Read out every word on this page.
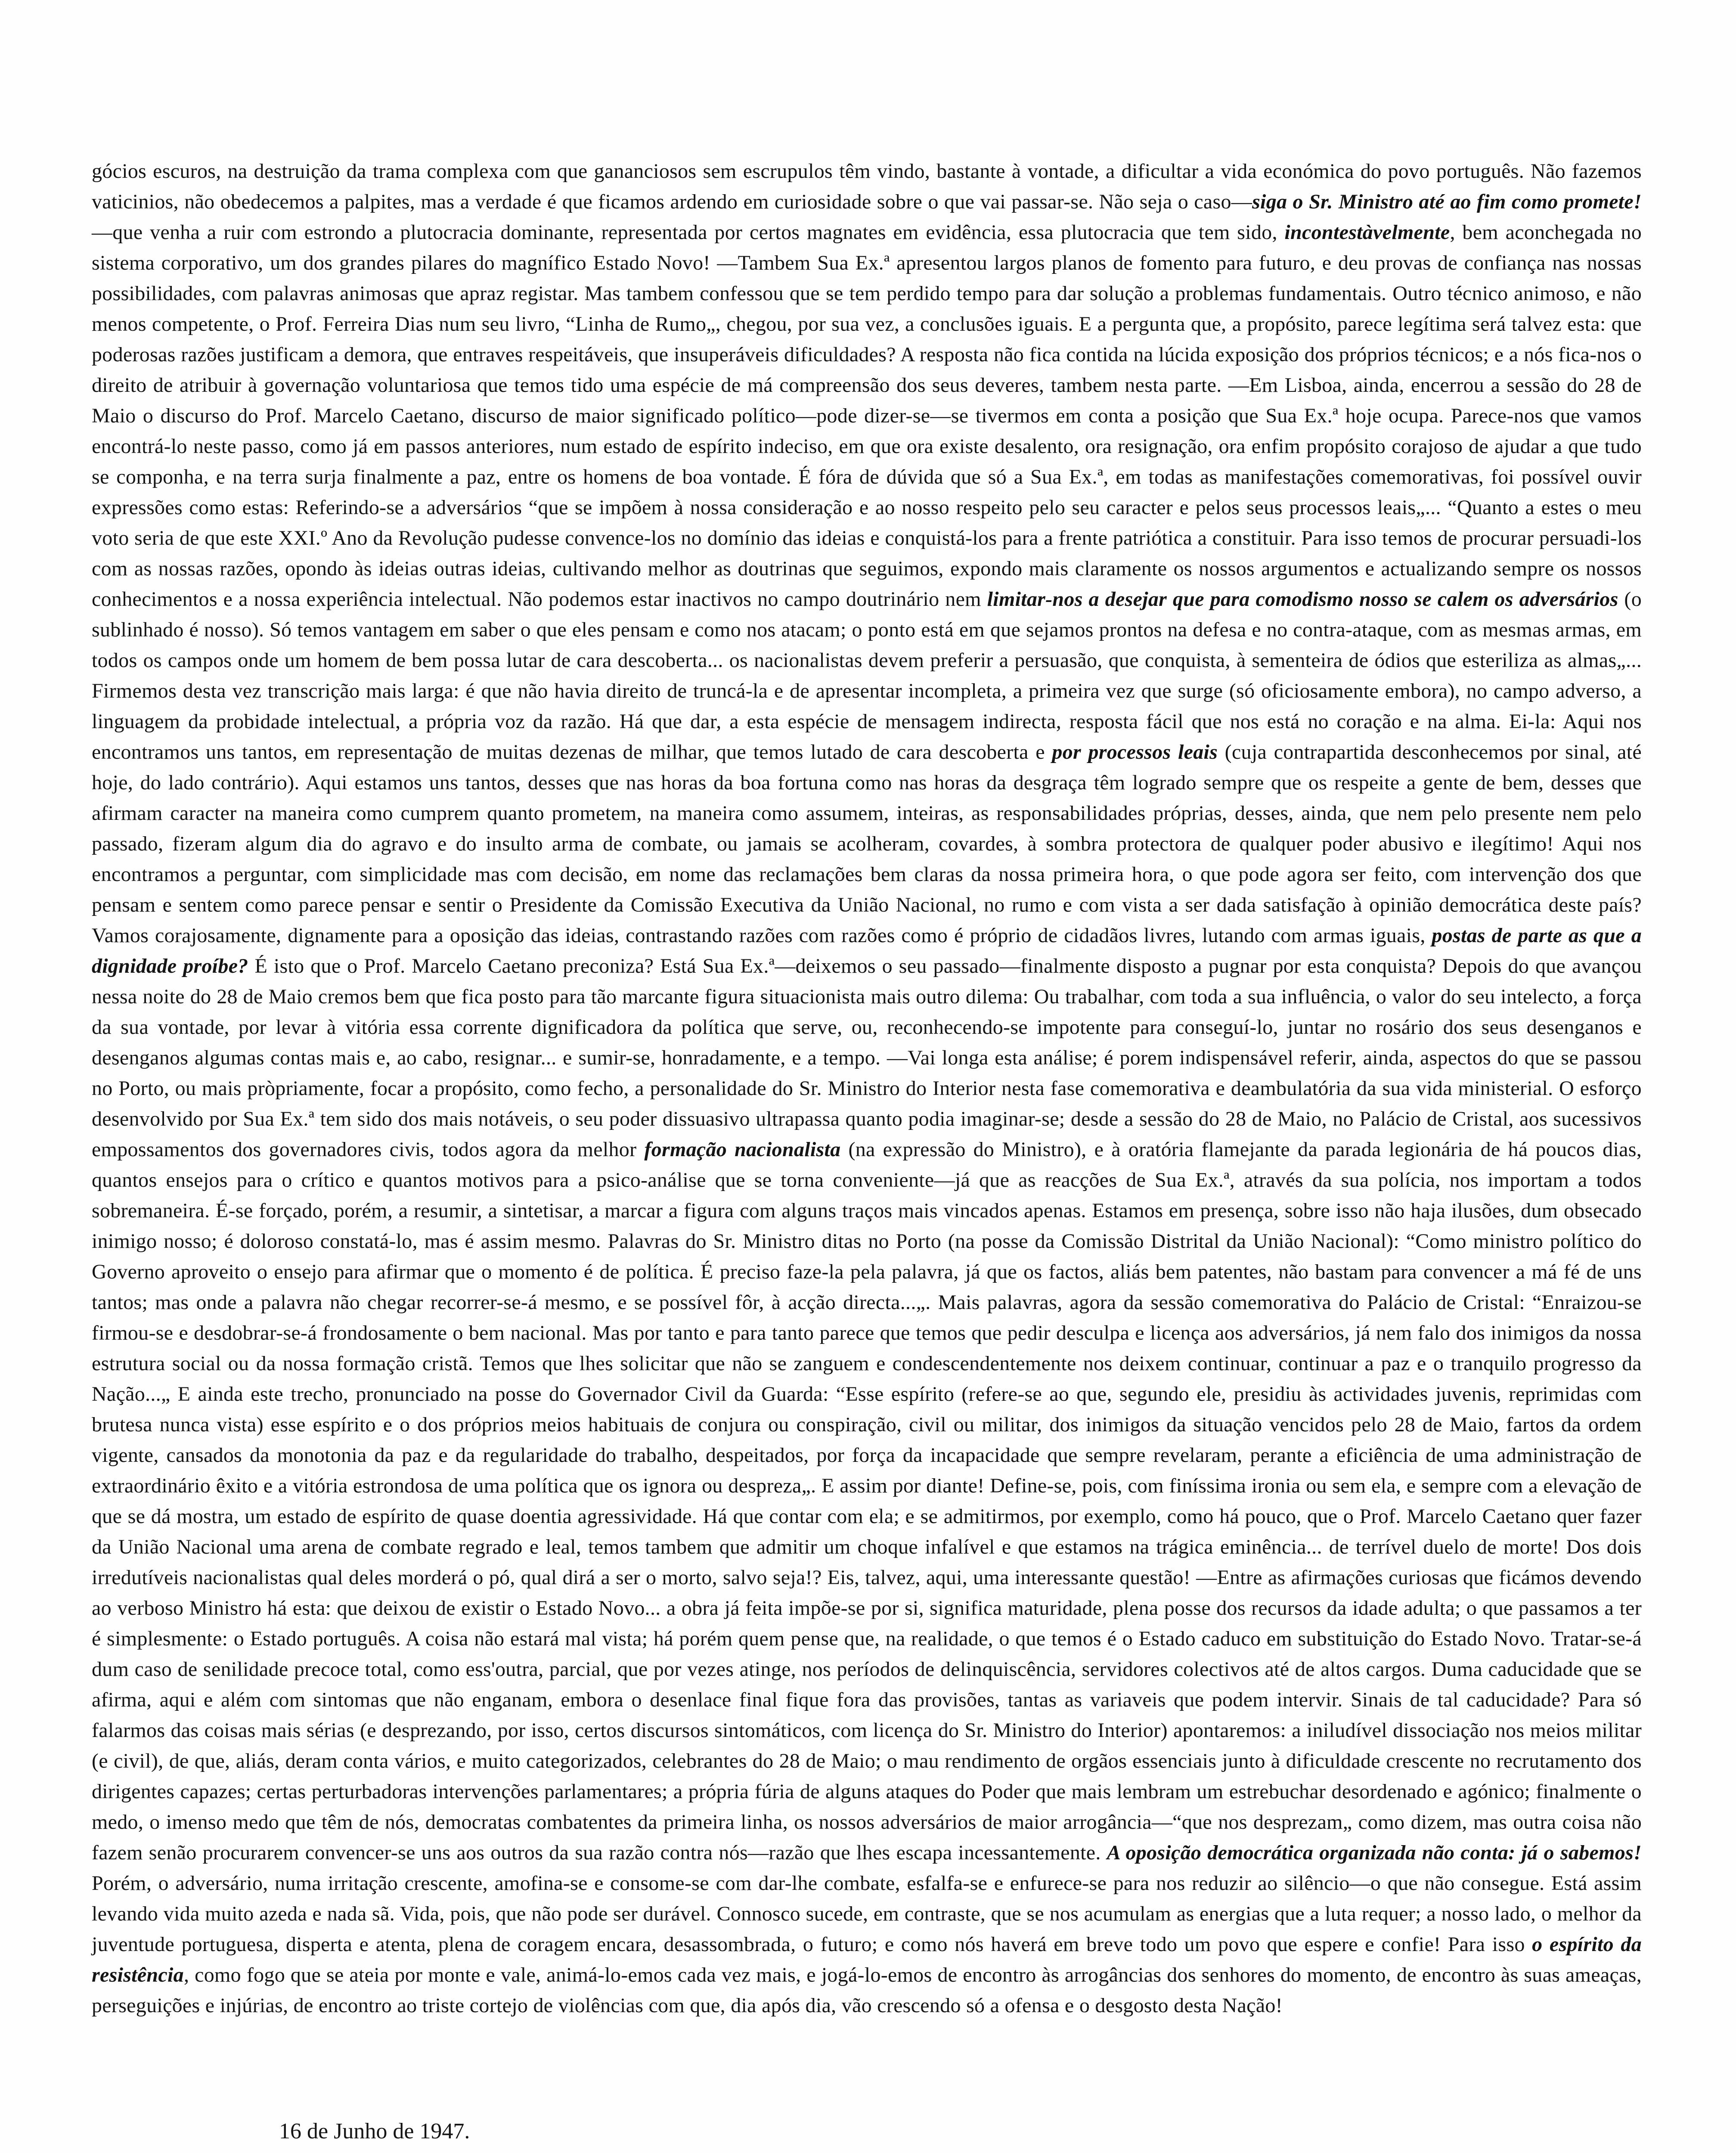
gócios escuros, na destruição da trama complexa com que gananciosos sem escrupulos têm vindo, bastante à vontade, a dificultar a vida económica do povo português. Não fazemos vaticinios, não obedecemos a palpites, mas a verdade é que ficamos ardendo em curiosidade sobre o que vai passar-se. Não seja o caso—siga o Sr. Ministro até ao fim como promete!—que venha a ruir com estrondo a plutocracia dominante, representada por certos magnates em evidência, essa plutocracia que tem sido, incontestàvelmente, bem aconchegada no sistema corporativo, um dos grandes pilares do magnífico Estado Novo! —Tambem Sua Ex.ª apresentou largos planos de fomento para futuro, e deu provas de confiança nas nossas possibilidades, com palavras animosas que apraz registar. Mas tambem confessou que se tem perdido tempo para dar solução a problemas fundamentais. Outro técnico animoso, e não menos competente, o Prof. Ferreira Dias num seu livro, “Linha de Rumo„, chegou, por sua vez, a conclusões iguais. E a pergunta que, a propósito, parece legítima será talvez esta: que poderosas razões justificam a demora, que entraves respeitáveis, que insuperáveis dificuldades? A resposta não fica contida na lúcida exposição dos próprios técnicos; e a nós fica-nos o direito de atribuir à governação voluntariosa que temos tido uma espécie de má compreensão dos seus deveres, tambem nesta parte. —Em Lisboa, ainda, encerrou a sessão do 28 de Maio o discurso do Prof. Marcelo Caetano, discurso de maior significado político—pode dizer-se—se tivermos em conta a posição que Sua Ex.ª hoje ocupa. Parece-nos que vamos encontrá-lo neste passo, como já em passos anteriores, num estado de espírito indeciso, em que ora existe desalento, ora resignação, ora enfim propósito corajoso de ajudar a que tudo se componha, e na terra surja finalmente a paz, entre os homens de boa vontade. É fóra de dúvida que só a Sua Ex.ª, em todas as manifestações comemorativas, foi possível ouvir expressões como estas: Referindo-se a adversários “que se impõem à nossa consideração e ao nosso respeito pelo seu caracter e pelos seus processos leais„... “Quanto a estes o meu voto seria de que este XXI.º Ano da Revolução pudesse convence-los no domínio das ideias e conquistá-los para a frente patriótica a constituir. Para isso temos de procurar persuadi-los com as nossas razões, opondo às ideias outras ideias, cultivando melhor as doutrinas que seguimos, expondo mais claramente os nossos argumentos e actualizando sempre os nossos conhecimentos e a nossa experiência intelectual. Não podemos estar inactivos no campo doutrinário nem limitar-nos a desejar que para comodismo nosso se calem os adversários (o sublinhado é nosso). Só temos vantagem em saber o que eles pensam e como nos atacam; o ponto está em que sejamos prontos na defesa e no contra-ataque, com as mesmas armas, em todos os campos onde um homem de bem possa lutar de cara descoberta... os nacionalistas devem preferir a persuasão, que conquista, à sementeira de ódios que esteriliza as almas„... Firmemos desta vez transcrição mais larga: é que não havia direito de truncá-la e de apresentar incompleta, a primeira vez que surge (só oficiosamente embora), no campo adverso, a linguagem da probidade intelectual, a própria voz da razão. Há que dar, a esta espécie de mensagem indirecta, resposta fácil que nos está no coração e na alma. Ei-la: Aqui nos encontramos uns tantos, em representação de muitas dezenas de milhar, que temos lutado de cara descoberta e por processos leais (cuja contrapartida desconhecemos por sinal, até hoje, do lado contrário). Aqui estamos uns tantos, desses que nas horas da boa fortuna como nas horas da desgraça têm logrado sempre que os respeite a gente de bem, desses que afirmam caracter na maneira como cumprem quanto prometem, na maneira como assumem, inteiras, as responsabilidades próprias, desses, ainda, que nem pelo presente nem pelo passado, fizeram algum dia do agravo e do insulto arma de combate, ou jamais se acolheram, covardes, à sombra protectora de qualquer poder abusivo e ilegítimo! Aqui nos encontramos a perguntar, com simplicidade mas com decisão, em nome das reclamações bem claras da nossa primeira hora, o que pode agora ser feito, com intervenção dos que pensam e sentem como parece pensar e sentir o Presidente da Comissão Executiva da União Nacional, no rumo e com vista a ser dada satisfação à opinião democrática deste país? Vamos corajosamente, dignamente para a oposição das ideias, contrastando razões com razões como é próprio de cidadãos livres, lutando com armas iguais, postas de parte as que a dignidade proíbe? É isto que o Prof. Marcelo Caetano preconiza? Está Sua Ex.ª—deixemos o seu passado—finalmente disposto a pugnar por esta conquista? Depois do que avançou nessa noite do 28 de Maio cremos bem que fica posto para tão marcante figura situacionista mais outro dilema: Ou trabalhar, com toda a sua influência, o valor do seu intelecto, a força da sua vontade, por levar à vitória essa corrente dignificadora da política que serve, ou, reconhecendo-se impotente para conseguí-lo, juntar no rosário dos seus desenganos e desenganos algumas contas mais e, ao cabo, resignar... e sumir-se, honradamente, e a tempo. —Vai longa esta análise; é porem indispensável referir, ainda, aspectos do que se passou no Porto, ou mais pròpriamente, focar a propósito, como fecho, a personalidade do Sr. Ministro do Interior nesta fase comemorativa e deambulatória da sua vida ministerial. O esforço desenvolvido por Sua Ex.ª tem sido dos mais notáveis, o seu poder dissuasivo ultrapassa quanto podia imaginar-se; desde a sessão do 28 de Maio, no Palácio de Cristal, aos sucessivos empossamentos dos governadores civis, todos agora da melhor formação nacionalista (na expressão do Ministro), e à oratória flamejante da parada legionária de há poucos dias, quantos ensejos para o crítico e quantos motivos para a psico-análise que se torna conveniente—já que as reacções de Sua Ex.ª, através da sua polícia, nos importam a todos sobremaneira. É-se forçado, porém, a resumir, a sintetisar, a marcar a figura com alguns traços mais vincados apenas. Estamos em presença, sobre isso não haja ilusões, dum obsecado inimigo nosso; é doloroso constatá-lo, mas é assim mesmo. Palavras do Sr. Ministro ditas no Porto (na posse da Comissão Distrital da União Nacional): “Como ministro político do Governo aproveito o ensejo para afirmar que o momento é de política. É preciso faze-la pela palavra, já que os factos, aliás bem patentes, não bastam para convencer a má fé de uns tantos; mas onde a palavra não chegar recorrer-se-á mesmo, e se possível fôr, à acção directa...„. Mais palavras, agora da sessão comemorativa do Palácio de Cristal: “Enraizou-se firmou-se e desdobrar-se-á frondosamente o bem nacional. Mas por tanto e para tanto parece que temos que pedir desculpa e licença aos adversários, já nem falo dos inimigos da nossa estrutura social ou da nossa formação cristã. Temos que lhes solicitar que não se zanguem e condescendentemente nos deixem continuar, continuar a paz e o tranquilo progresso da Nação...„ E ainda este trecho, pronunciado na posse do Governador Civil da Guarda: “Esse espírito (refere-se ao que, segundo ele, presidiu às actividades juvenis, reprimidas com brutesa nunca vista) esse espírito e o dos próprios meios habituais de conjura ou conspiração, civil ou militar, dos inimigos da situação vencidos pelo 28 de Maio, fartos da ordem vigente, cansados da monotonia da paz e da regularidade do trabalho, despeitados, por força da incapacidade que sempre revelaram, perante a eficiência de uma administração de extraordinário êxito e a vitória estrondosa de uma política que os ignora ou despreza„. E assim por diante! Define-se, pois, com finíssima ironia ou sem ela, e sempre com a elevação de que se dá mostra, um estado de espírito de quase doentia agressividade. Há que contar com ela; e se admitirmos, por exemplo, como há pouco, que o Prof. Marcelo Caetano quer fazer da União Nacional uma arena de combate regrado e leal, temos tambem que admitir um choque infalível e que estamos na trágica eminência... de terrível duelo de morte! Dos dois irredutíveis nacionalistas qual deles morderá o pó, qual dirá a ser o morto, salvo seja!? Eis, talvez, aqui, uma interessante questão! —Entre as afirmações curiosas que ficámos devendo ao verboso Ministro há esta: que deixou de existir o Estado Novo... a obra já feita impõe-se por si, significa maturidade, plena posse dos recursos da idade adulta; o que passamos a ter é simplesmente: o Estado português. A coisa não estará mal vista; há porém quem pense que, na realidade, o que temos é o Estado caduco em substituição do Estado Novo. Tratar-se-á dum caso de senilidade precoce total, como ess'outra, parcial, que por vezes atinge, nos períodos de delinquiscência, servidores colectivos até de altos cargos. Duma caducidade que se afirma, aqui e além com sintomas que não enganam, embora o desenlace final fique fora das provisões, tantas as variaveis que podem intervir. Sinais de tal caducidade? Para só falarmos das coisas mais sérias (e desprezando, por isso, certos discursos sintomáticos, com licença do Sr. Ministro do Interior) apontaremos: a iniludível dissociação nos meios militar (e civil), de que, aliás, deram conta vários, e muito categorizados, celebrantes do 28 de Maio; o mau rendimento de orgãos essenciais junto à dificuldade crescente no recrutamento dos dirigentes capazes; certas perturbadoras intervenções parlamentares; a própria fúria de alguns ataques do Poder que mais lembram um estrebuchar desordenado e agónico; finalmente o medo, o imenso medo que têm de nós, democratas combatentes da primeira linha, os nossos adversários de maior arrogância—“que nos desprezam„ como dizem, mas outra coisa não fazem senão procurarem convencer-se uns aos outros da sua razão contra nós—razão que lhes escapa incessantemente. A oposição democrática organizada não conta: já o sabemos! Porém, o adversário, numa irritação crescente, amofina-se e consome-se com dar-lhe combate, esfalfa-se e enfurece-se para nos reduzir ao silêncio—o que não consegue. Está assim levando vida muito azeda e nada sã. Vida, pois, que não pode ser durável. Connosco sucede, em contraste, que se nos acumulam as energias que a luta requer; a nosso lado, o melhor da juventude portuguesa, disperta e atenta, plena de coragem encara, desassombrada, o futuro; e como nós haverá em breve todo um povo que espere e confie! Para isso o espírito da resistência, como fogo que se ateia por monte e vale, animá-lo-emos cada vez mais, e jogá-lo-emos de encontro às arrogâncias dos senhores do momento, de encontro às suas ameaças, perseguições e injúrias, de encontro ao triste cortejo de violências com que, dia após dia, vão crescendo só a ofensa e o desgosto desta Nação!
16 de Junho de 1947.
